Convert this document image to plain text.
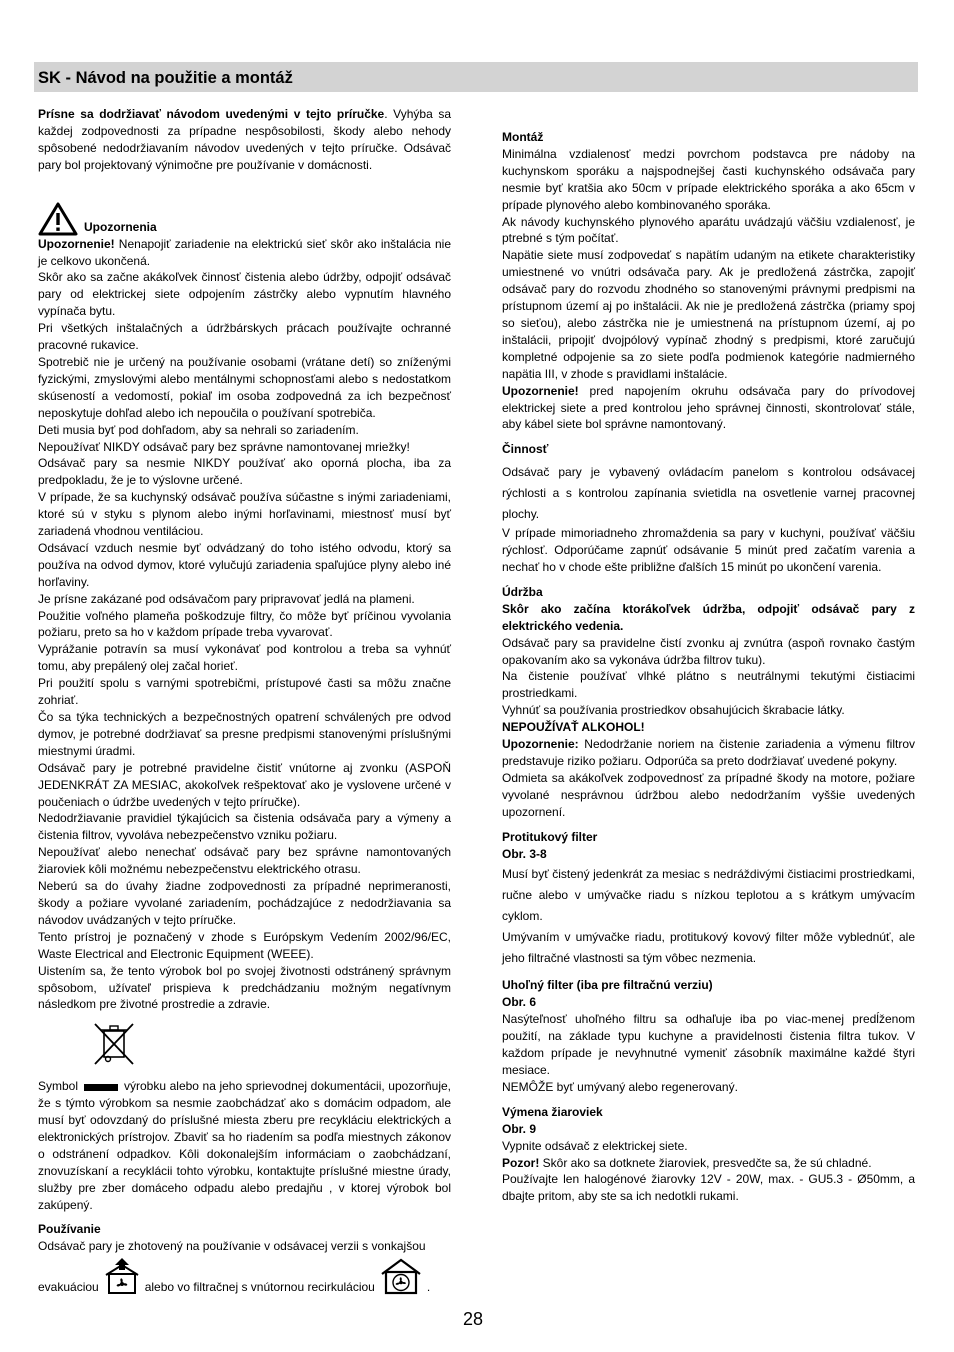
SK - Návod na použitie a montáž

Prísne sa dodržiavať návodom uvedenými v tejto príručke. Vyhýba sa každej zodpovednosti za prípadne nespôsobilosti, škody alebo nehody spôsobené nedodržiavaním návodov uvedených v tejto príručke. Odsávač pary bol projektovaný výnimočne pre používanie v domácnosti.

Upozornenia

Upozornenie! Nenapojiť zariadenie na elektrickú sieť skôr ako inštalácia nie je celkovo ukončená.

Skôr ako sa začne akákoľvek činnosť čistenia alebo údržby, odpojiť odsávač pary od elektrickej siete odpojením zástrčky alebo vypnutím hlavného vypínača bytu.

Pri všetkých inštalačných a údržbárskych prácach používajte ochranné pracovné rukavice.

Spotrebič nie je určený na používanie osobami (vrátane detí) so zníženými fyzickými, zmyslovými alebo mentálnymi schopnosťami alebo s nedostatkom skúseností a vedomostí, pokiaľ im osoba zodpovedná za ich bezpečnosť neposkytuje dohľad alebo ich nepoučila o používaní spotrebiča.

Deti musia byť pod dohľadom, aby sa nehrali so zariadením.

Nepoužívať NIKDY odsávač pary bez správne namontovanej mriežky!

Odsávač pary sa nesmie NIKDY používať ako oporná plocha, iba za predpokladu, že je to výslovne určené.

V prípade, že sa kuchynský odsávač používa súčastne s inými zariadeniami, ktoré sú v styku s plynom alebo inými horľavinami, miestnosť musí byť zariadená vhodnou ventiláciou.

Odsávací vzduch nesmie byť odvádzaný do toho istého odvodu, ktorý sa používa na odvod dymov, ktoré vylučujú zariadenia spaľujúce plyny alebo iné horľaviny.

Je prísne zakázané pod odsávačom pary pripravovať jedlá na plameni.

Použitie voľného plameňa poškodzuje filtry, čo môže byť príčinou vyvolania požiaru, preto sa ho v každom prípade treba vyvarovať.

Vyprážanie potravín sa musí vykonávať pod kontrolou a treba sa vyhnúť tomu, aby prepálený olej začal horieť.

Pri použití spolu s varnými spotrebičmi, prístupové časti sa môžu značne zohriať.

Čo sa týka technických a bezpečnostných opatrení schválených pre odvod dymov, je potrebné dodržiavať sa presne predpismi stanovenými príslušnými miestnymi úradmi.

Odsávač pary je potrebné pravidelne čistiť vnútorne aj zvonku (ASPOŇ JEDENKRÁT ZA MESIAC, akokoľvek rešpektovať ako je vyslovene určené v poučeniach o údržbe uvedených v tejto príručke).

Nedodržiavanie pravidiel týkajúcich sa čistenia odsávača pary a výmeny a čistenia filtrov, vyvoláva nebezpečenstvo vzniku požiaru.

Nepoužívať alebo nenechať odsávač pary bez správne namontovaných žiaroviek kôli možnému nebezpečenstvu elektrického otrasu.

Neberú sa do úvahy žiadne zodpovednosti za prípadné neprimeranosti, škody a požiare vyvolané zariadením, pochádzajúce z nedodržiavania sa návodov uvádzaných v tejto príručke.

Tento prístroj je poznačený v zhode s Európskym Vedením 2002/96/EC, Waste Electrical and Electronic Equipment (WEEE).

Uistením sa, že tento výrobok bol po svojej životnosti odstránený správnym spôsobom, užívateľ prispieva k predchádzaniu možným negatívnym následkom pre životné prostredie a zdravie.

Symbol	výrobku alebo na jeho sprievodnej dokumentácii, upozorňuje, že s týmto výrobkom sa nesmie zaobchádzať ako s domácim odpadom, ale musí byť odovzdaný do príslušné miesta zberu pre recykláciu elektrických a elektronických prístrojov. Zbaviť sa ho riadením sa podľa miestnych zákonov o odstránení odpadkov. Kôli dokonalejším informáciam o zaobchádzaní, znovuzískaní a recyklácii tohto výrobku, kontaktujte príslušné miestne úrady, služby pre zber domáceho odpadu alebo predajňu , v ktorej výrobok bol zakúpený.

Používanie

Odsávač pary je zhotovený na používanie v odsávacej verzii s vonkajšou

evakuáciou	alebo vo filtračnej s vnútornou recirkuláciou	.

Montáž

Minimálna vzdialenosť medzi povrchom podstavca pre nádoby na kuchynskom sporáku a najspodnejšej časti kuchynského odsávača pary nesmie byť kratšia ako 50cm v prípade elektrického sporáka a ako 65cm v prípade plynového alebo kombinovaného sporáka.

Ak návody kuchynského plynového aparátu uvádzajú väčšiu vzdialenosť, je ptrebné s tým počítať.

Napätie siete musí zodpovedať s napätím udaným na etikete charakteristiky umiestnené vo vnútri odsávača pary. Ak je predložená zástrčka, zapojiť odsávač pary do rozvodu zhodného so stanovenými právnymi predpismi na prístupnom území aj po inštalácii. Ak nie je predložená zástrčka (priamy spoj so sieťou), alebo zástrčka nie je umiestnená na prístupnom území, aj po inštalácii, pripojiť dvojpólový vypínač zhodný s predpismi, ktoré zaručujú kompletné odpojenie sa zo siete podľa podmienok kategórie nadmierného napätia III, v zhode s pravidlami inštalácie.

Upozornenie! pred napojením okruhu odsávača pary do prívodovej elektrickej siete a pred kontrolou jeho správnej činnosti, skontrolovať stále, aby kábel siete bol správne namontovaný.

Činnosť

Odsávač pary je vybavený ovládacím panelom s kontrolou odsávacej rýchlosti a s kontrolou zapínania svietidla na osvetlenie varnej pracovnej plochy.

V prípade mimoriadneho zhromaždenia sa pary v kuchyni, používať väčšiu rýchlosť. Odporúčame zapnúť odsávanie 5 minút pred začatím varenia a nechať ho v chode ešte približne ďalších 15 minút po ukončení varenia.

Údržba

Skôr ako začína ktorákoľvek údržba, odpojiť odsávač pary z elektrického vedenia.

Odsávač pary sa pravidelne čistí zvonku aj zvnútra (aspoň rovnako častým opakovaním ako sa vykonáva údržba filtrov tuku).

Na čistenie používať vlhké plátno s neutrálnymi tekutými čistiacimi prostriedkami.

Vyhnúť sa používania prostriedkov obsahujúcich škrabacie látky.

NEPOUŽÍVAŤ ALKOHOL!

Upozornenie: Nedodržanie noriem na čistenie zariadenia a výmenu filtrov predstavuje riziko požiaru. Odporúča sa preto dodržiavať uvedené pokyny.

Odmieta sa akákoľvek zodpovednosť za prípadné škody na motore, požiare vyvolané nesprávnou údržbou alebo nedodržaním vyššie uvedených upozornení.

Protitukový filter

Obr. 3-8

Musí byť čistený jedenkrát za mesiac s nedráždivými čistiacimi prostriedkami, ručne alebo v umývačke riadu s nízkou teplotou a s krátkym umývacím cyklom.

Umývaním v umývačke riadu, protitukový kovový filter môže vyblednúť, ale jeho filtračné vlastnosti sa tým vôbec nezmenia.

Uhoľný filter (iba pre filtračnú verziu)

Obr. 6

Nasýteľnosť uhoľného filtru sa odhaľuje iba po viac-menej predĺženom použití, na základe typu kuchyne a pravidelnosti čistenia filtra tukov. V každom prípade je nevyhnutné vymeniť zásobník maximálne každé štyri mesiace.

NEMÔŽE byť umývaný alebo regenerovaný.

Výmena žiaroviek

Obr. 9

Vypnite odsávač z elektrickej siete.

Pozor! Skôr ako sa dotknete žiaroviek, presvedčte sa, že sú chladné.

Používajte len halogénové žiarovky 12V - 20W, max. - GU5.3 - Ø50mm, a dbajte pritom, aby ste sa ich nedotkli rukami.

28
